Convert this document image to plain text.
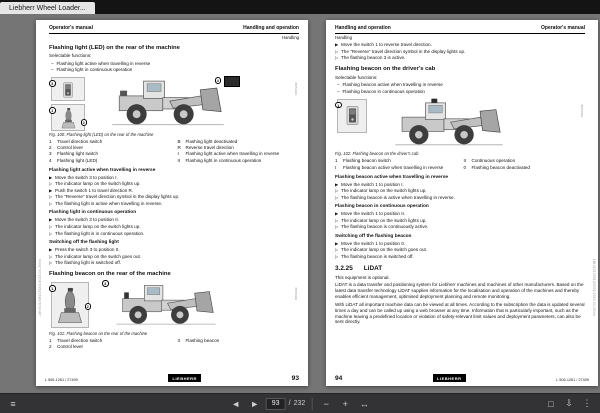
Liebherr Wheel Loader...
LBH/10139813/0001/2013-04-29/en
Operator's manual	Handling and operation
Handling
Flashing light (LED) on the rear of the machine
Selectable functions:
– Flashing light active when travelling in reverse
– Flashing light in continuous operation
3
1
2
4
45053901
Fig. 100: Flashing light (LED) on the rear of the machine
1	Travel direction switch
2	Control lever
3	Flashing light switch
4	Flashing light (LED)
B	Flashing light deactivated
R	Reverse travel direction
I	Flashing light active when travelling in reverse
II	Flashing light in continuous operation
Flashing light active when travelling in reverse
▶ Move the switch 3 to position I.
▷ The indicator lamp on the switch lights up.
▶ Push the switch 1 to travel direction R.
▷ The "Reverse" travel direction symbol in the display lights up.
▷ The flashing light is active when travelling in reverse.
Flashing light in continuous operation
▶ Move the switch 3 to position II.
▷ The indicator lamp on the switch lights up.
▷ The flashing light is in continuous operation.
Switching off the flashing light
▶ Press the switch 3 to position 0.
▷ The indicator lamp on the switch goes out.
▷ The flashing light is switched off.
Flashing beacon on the rear of the machine
1
2
3
45053902
Fig. 101: Flashing beacon on the rear of the machine
1	Travel direction switch
2	Control lever
3	Flashing beacon
L 506-1261 / 27409	LIEBHERR	93
LBH/10139813/0001/2013-04-29/en
Handling and operation	Operator's manual
Handling
▶ Move the switch 1 to reverse travel direction.
▷ The "Reverse" travel direction symbol in the display lights up.
▷ The flashing beacon 3 is active.
Flashing beacon on the driver's cab
Selectable functions:
– Flashing beacon active when travelling in reverse
– Flashing beacon in continuous operation
1	45053903
Fig. 102: Flashing beacon on the driver's cab
1	Flashing beacon switch
I	Flashing beacon active when travelling in reverse
II	Continuous operation
0	Flashing beacon deactivated
Flashing beacon active when travelling in reverse
▶ Move the switch 1 to position I.
▷ The indicator lamp on the switch lights up.
▷ The flashing beacon is active when travelling in reverse.
Flashing beacon in continuous operation
▶ Move the switch 1 to position II.
▷ The indicator lamp on the switch lights up.
▷ The flashing beacon is continuously active.
Switching off the flashing beacon
▶ Move the switch 1 to position 0.
▷ The indicator lamp on the switch goes out.
▷ The flashing beacon is switched off.
3.2.25 LiDAT
This equipment is optional.
LiDAT is a data transfer and positioning system for Liebherr machines and machines of other manufacturers. Based on the latest data transfer technology LiDAT supplies information for the localisation and operation of the machines and thereby enables efficient management, optimised deployment planning and remote monitoring.
With LiDAT all important machine data can be viewed at all times. According to the subscription the data is updated several times a day and can be called up using a web browser at any time. Information that is particularly important, such as the machine leaving a predefined location or violation of safety-relevant limit values and deployment parameters, can also be sent directly.
94	LIEBHERR	L 506-1261 / 27409
≡	◄ ►
93	/ 232 − + ↔	□ ⇩ ⋮
